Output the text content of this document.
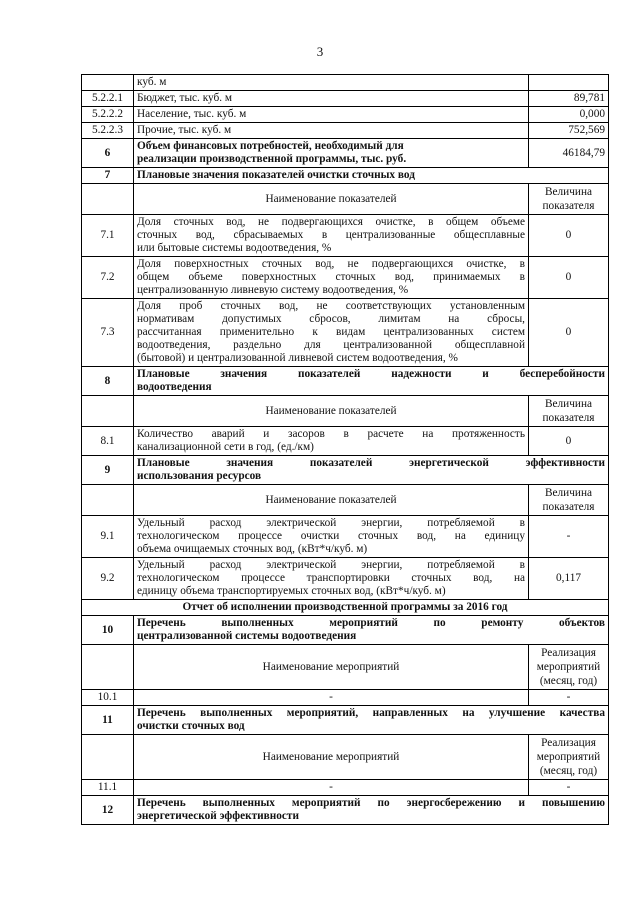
3
	куб. м	
5.2.2.1	Бюджет, тыс. куб. м	89,781
5.2.2.2	Население, тыс. куб. м	0,000
5.2.2.3	Прочие, тыс. куб. м	752,569
6	Объем финансовых потребностей, необходимый для
реализации производственной программы, тыс. руб.	46184,79
7	Плановые значения показателей очистки сточных вод	
	Наименование показателей	Величина
показателя

7.1	Доля сточных вод, не подвергающихся очистке, в общем объеме
сточных вод, сбрасываемых в централизованные общесплавные
или бытовые системы водоотведения, %	0
7.2	Доля поверхностных сточных вод, не подвергающихся очистке, в
общем объеме поверхностных сточных вод, принимаемых в
централизованную ливневую систему водоотведения, %	0
7.3	Доля проб сточных вод, не соответствующих установленным
нормативам допустимых сбросов, лимитам на сбросы,
рассчитанная применительно к видам централизованных систем
водоотведения, раздельно для централизованной общесплавной
(бытовой) и централизованной ливневой систем водоотведения, %	0
8	Плановые значения показателей надежности и бесперебойности
водоотведения	

	Наименование показателей	Величина
показателя

8.1	Количество аварий и засоров в расчете на протяженность
канализационной сети в год, (ед./км)	0
9	Плановые значения показателей энергетической эффективности
использования ресурсов	

	Наименование показателей	Величина
показателя

9.1	Удельный расход электрической энергии, потребляемой в
технологическом процессе очистки сточных вод, на единицу
объема очищаемых сточных вод, (кВт*ч/куб. м)	-
9.2	Удельный расход электрической энергии, потребляемой в
технологическом процессе транспортировки сточных вод, на
единицу объема транспортируемых сточных вод, (кВт*ч/куб. м)	0,117
Отчет об исполнении производственной программы за 2016 год		
10	Перечень выполненных мероприятий по ремонту объектов
централизованной системы водоотведения	

	Наименование мероприятий	Реализация
мероприятий
(месяц, год)

10.1	-	-
11	Перечень выполненных мероприятий, направленных на улучшение качества
очистки сточных вод	

	Наименование мероприятий	Реализация
мероприятий
(месяц, год)

11.1	-	-
12	Перечень выполненных мероприятий по энергосбережению и повышению
энергетической эффективности	
